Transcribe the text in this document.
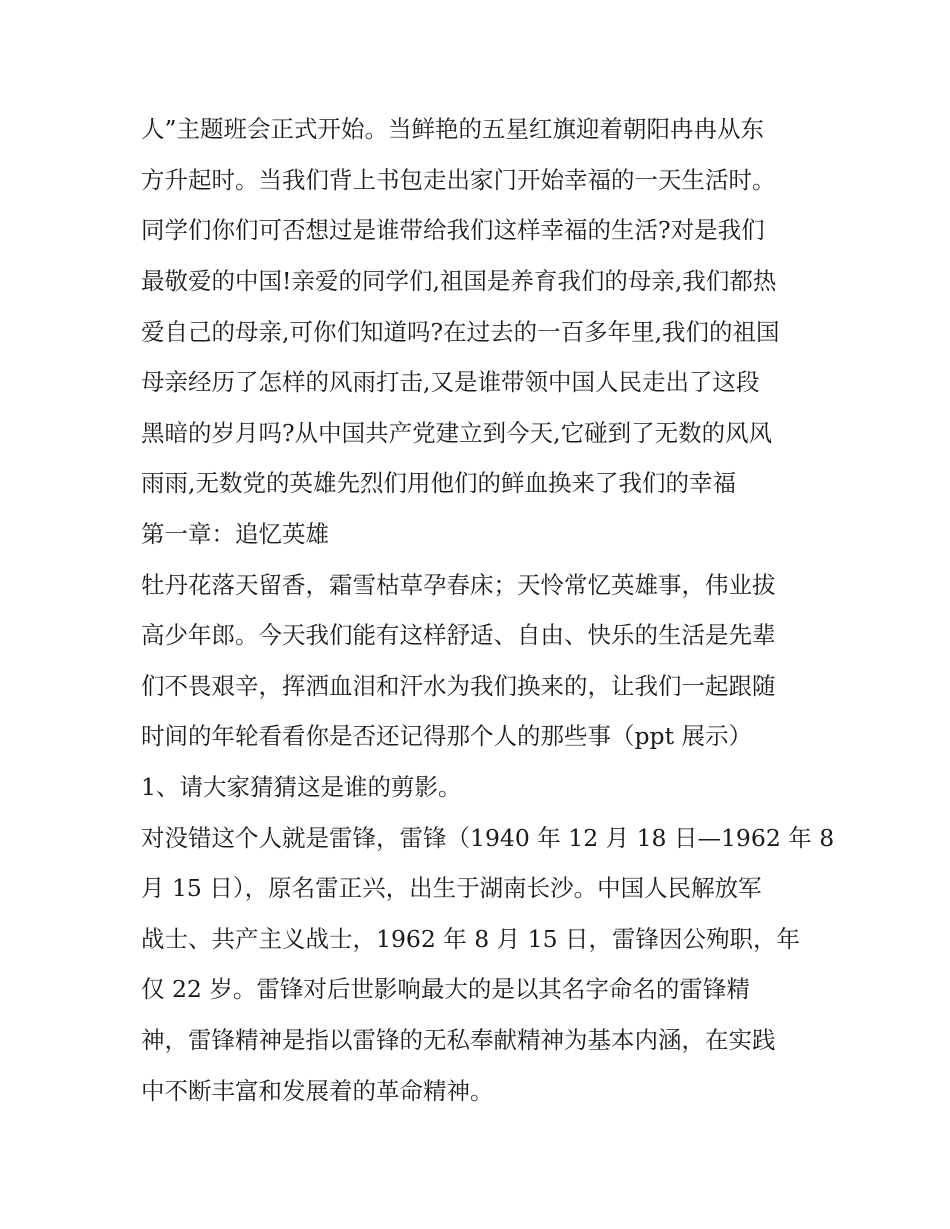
人”主题班会正式开始。当鲜艳的五星红旗迎着朝阳冉冉从东
方升起时。当我们背上书包走出家门开始幸福的一天生活时。
同学们你们可否想过是谁带给我们这样幸福的生活?对是我们
最敬爱的中国!亲爱的同学们,祖国是养育我们的母亲,我们都热
爱自己的母亲,可你们知道吗?在过去的一百多年里,我们的祖国
母亲经历了怎样的风雨打击,又是谁带领中国人民走出了这段
黑暗的岁月吗?从中国共产党建立到今天,它碰到了无数的风风
雨雨,无数党的英雄先烈们用他们的鲜血换来了我们的幸福
第一章：追忆英雄
牡丹花落天留香，霜雪枯草孕春床；天怜常忆英雄事，伟业拔
高少年郎。今天我们能有这样舒适、自由、快乐的生活是先辈
们不畏艰辛，挥洒血泪和汗水为我们换来的，让我们一起跟随
时间的年轮看看你是否还记得那个人的那些事（ppt 展示）
1、请大家猜猜这是谁的剪影。
对没错这个人就是雷锋，雷锋（1940 年 12 月 18 日—1962 年 8
月 15 日），原名雷正兴，出生于湖南长沙。中国人民解放军
战士、共产主义战士，1962 年 8 月 15 日，雷锋因公殉职，年
仅 22 岁。雷锋对后世影响最大的是以其名字命名的雷锋精
神，雷锋精神是指以雷锋的无私奉献精神为基本内涵，在实践
中不断丰富和发展着的革命精神。
